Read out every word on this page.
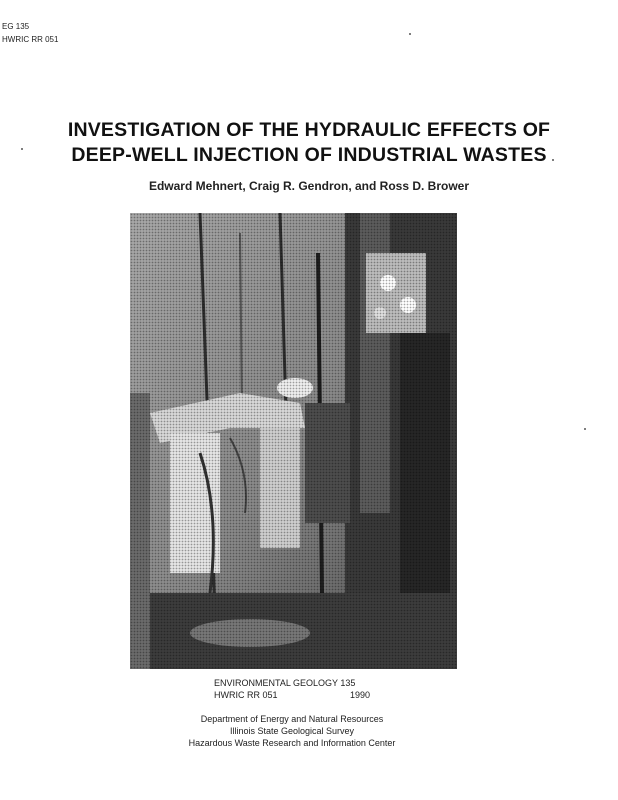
EG 135
HWRIC RR 051
INVESTIGATION OF THE HYDRAULIC EFFECTS OF
DEEP-WELL INJECTION OF INDUSTRIAL WASTES
Edward Mehnert, Craig R. Gendron, and Ross D. Brower
ENVIRONMENTAL GEOLOGY 135
HWRIC RR 051	1990
Department of Energy and Natural Resources
Illinois State Geological Survey
Hazardous Waste Research and Information Center
